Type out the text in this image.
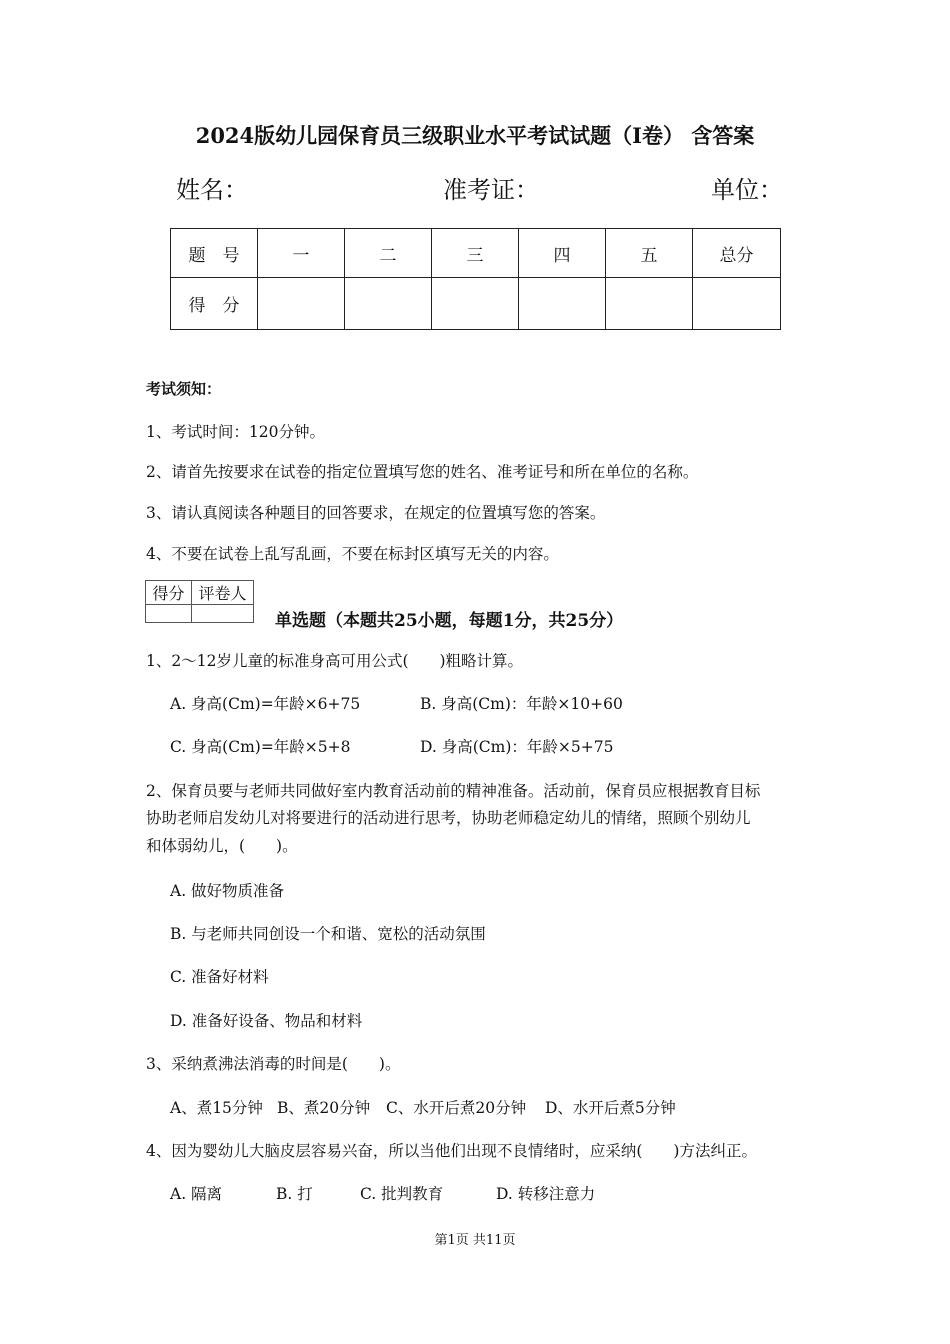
2024版幼儿园保育员三级职业水平考试试题（I卷） 含答案
姓名：	准考证：	单位：
题　号	一	二	三	四	五	总分
得　分						
考试须知：
1、考试时间：120分钟。
2、请首先按要求在试卷的指定位置填写您的姓名、准考证号和所在单位的名称。
3、请认真阅读各种题目的回答要求，在规定的位置填写您的答案。
4、不要在试卷上乱写乱画，不要在标封区填写无关的内容。
得分	评卷人

单选题（本题共25小题，每题1分，共25分）
1、2～12岁儿童的标准身高可用公式(　　)粗略计算。
A. 身高(Cm)=年龄×6+75	B. 身高(Cm)：年龄×10+60
C. 身高(Cm)=年龄×5+8	D. 身高(Cm)：年龄×5+75
2、保育员要与老师共同做好室内教育活动前的精神准备。活动前，保育员应根据教育目标
协助老师启发幼儿对将要进行的活动进行思考，协助老师稳定幼儿的情绪，照顾个别幼儿
和体弱幼儿，(　　)。
A. 做好物质准备
B. 与老师共同创设一个和谐、宽松的活动氛围
C. 准备好材料
D. 准备好设备、物品和材料
3、采纳煮沸法消毒的时间是(　　)。
A、煮15分钟 B、煮20分钟 C、水开后煮20分钟 D、水开后煮5分钟
4、因为婴幼儿大脑皮层容易兴奋，所以当他们出现不良情绪时，应采纳(　　)方法纠正。
A. 隔离	B. 打	C. 批判教育	D. 转移注意力
第1页 共11页
